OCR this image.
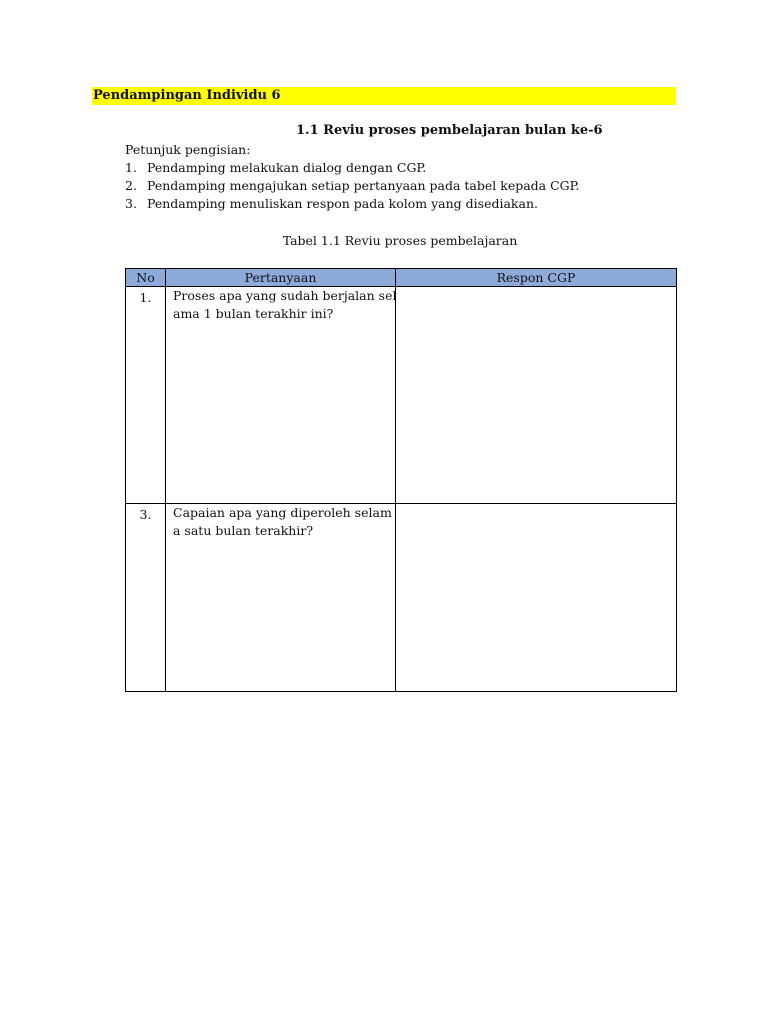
Pendampingan Individu 6
1.1 Reviu proses pembelajaran bulan ke-6
Petunjuk pengisian:
1. Pendamping melakukan dialog dengan CGP.
2. Pendamping mengajukan setiap pertanyaan pada tabel kepada CGP.
3. Pendamping menuliskan respon pada kolom yang disediakan.
Tabel 1.1 Reviu proses pembelajaran
No	Pertanyaan	Respon CGP
1.	Proses apa yang sudah berjalan sel
ama 1 bulan terakhir ini?	

3.	Capaian apa yang diperoleh selam
a satu bulan terakhir?	
